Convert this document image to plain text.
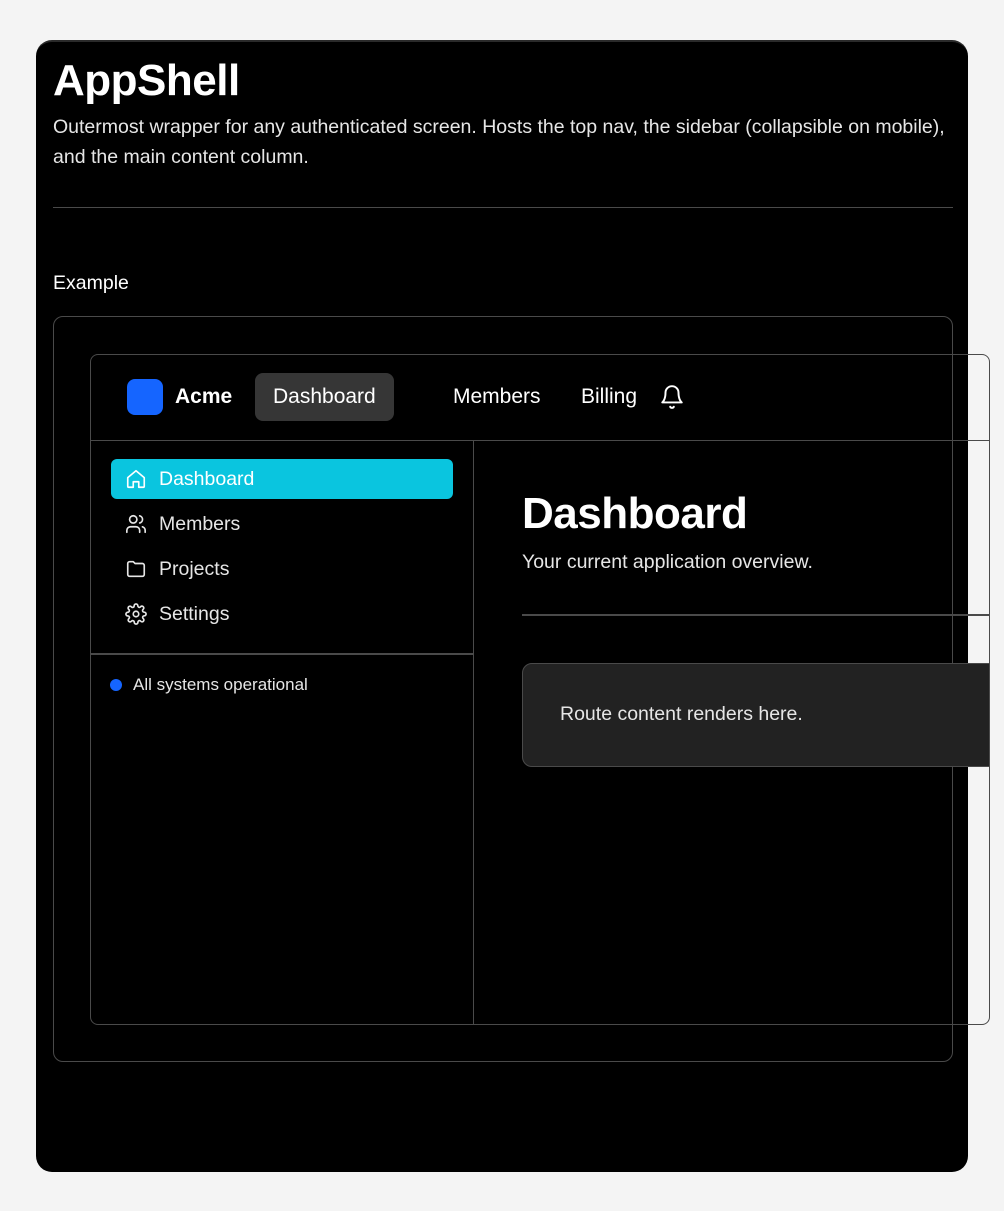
AppShell
Outermost wrapper for any authenticated screen. Hosts the top nav, the sidebar (collapsible on mobile), and the main content column.
Example
Acme	Dashboard	Members	Billing
Dashboard
Members
Projects
Settings
All systems operational
Dashboard
Your current application overview.
Route content renders here.
